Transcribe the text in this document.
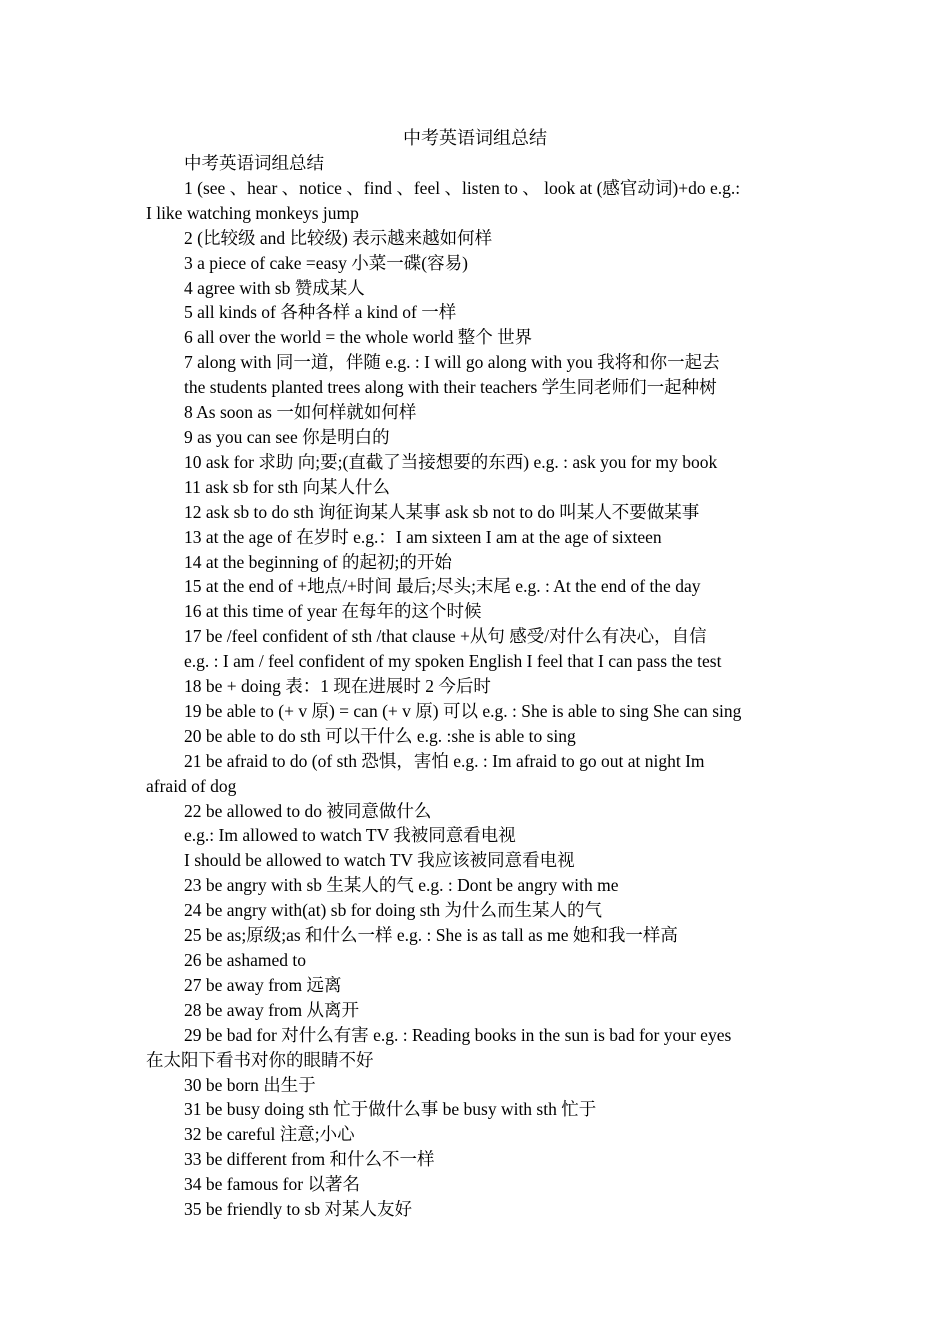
中考英语词组总结

中考英语词组总结

1 (see 、hear 、notice 、find 、feel 、listen to 、 look at (感官动词)+do e.g.:

I like watching monkeys jump

2 (比较级 and 比较级) 表示越来越如何样

3 a piece of cake =easy 小菜一碟(容易)

4 agree with sb 赞成某人

5 all kinds of 各种各样 a kind of 一样

6 all over the world = the whole world 整个 世界

7 along with 同一道，伴随 e.g. : I will go along with you 我将和你一起去

the students planted trees along with their teachers 学生同老师们一起种树

8 As soon as 一如何样就如何样

9 as you can see 你是明白的

10 ask for 求助 向;要;(直截了当接想要的东西) e.g. : ask you for my book

11 ask sb for sth 向某人什么

12 ask sb to do sth 询征询某人某事 ask sb not to do 叫某人不要做某事

13 at the age of 在岁时 e.g.：I am sixteen I am at the age of sixteen

14 at the beginning of 的起初;的开始

15 at the end of +地点/+时间 最后;尽头;末尾 e.g. : At the end of the day

16 at this time of year 在每年的这个时候

17 be /feel confident of sth /that clause +从句 感受/对什么有决心，自信

e.g. : I am / feel confident of my spoken English I feel that I can pass the test

18 be + doing 表：1 现在进展时 2 今后时

19 be able to (+ v 原) = can (+ v 原) 可以 e.g. : She is able to sing She can sing

20 be able to do sth 可以干什么 e.g. :she is able to sing

21 be afraid to do (of sth 恐惧，害怕 e.g. : Im afraid to go out at night Im

afraid of dog

22 be allowed to do 被同意做什么

e.g.: Im allowed to watch TV 我被同意看电视

I should be allowed to watch TV 我应该被同意看电视

23 be angry with sb 生某人的气 e.g. : Dont be angry with me

24 be angry with(at) sb for doing sth 为什么而生某人的气

25 be as;原级;as 和什么一样 e.g. : She is as tall as me 她和我一样高

26 be ashamed to

27 be away from 远离

28 be away from 从离开

29 be bad for 对什么有害 e.g. : Reading books in the sun is bad for your eyes

在太阳下看书对你的眼睛不好

30 be born 出生于

31 be busy doing sth 忙于做什么事 be busy with sth 忙于

32 be careful 注意;小心

33 be different from 和什么不一样

34 be famous for 以著名

35 be friendly to sb 对某人友好
